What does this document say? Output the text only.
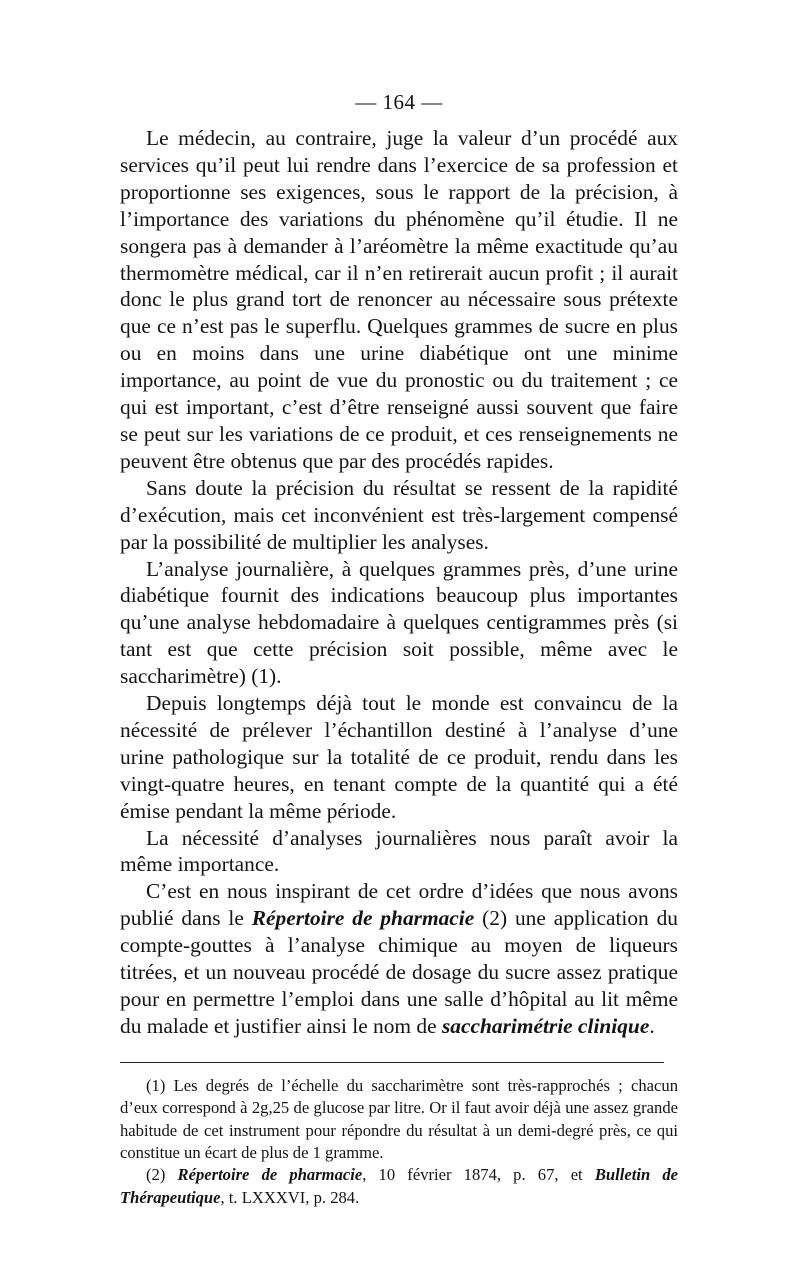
— 164 —

Le médecin, au contraire, juge la valeur d’un procédé aux services qu’il peut lui rendre dans l’exercice de sa profession et proportionne ses exigences, sous le rapport de la précision, à l’importance des variations du phénomène qu’il étudie. Il ne songera pas à demander à l’aréomètre la même exactitude qu’au thermomètre médical, car il n’en retirerait aucun profit ; il aurait donc le plus grand tort de renoncer au nécessaire sous prétexte que ce n’est pas le superflu. Quelques grammes de sucre en plus ou en moins dans une urine diabétique ont une minime importance, au point de vue du pronostic ou du traitement ; ce qui est important, c’est d’être renseigné aussi souvent que faire se peut sur les variations de ce produit, et ces renseignements ne peuvent être obtenus que par des procédés rapides.

Sans doute la précision du résultat se ressent de la rapidité d’exécution, mais cet inconvénient est très-largement compensé par la possibilité de multiplier les analyses.

L’analyse journalière, à quelques grammes près, d’une urine diabétique fournit des indications beaucoup plus importantes qu’une analyse hebdomadaire à quelques centigrammes près (si tant est que cette précision soit possible, même avec le saccharimètre) (1).

Depuis longtemps déjà tout le monde est convaincu de la nécessité de prélever l’échantillon destiné à l’analyse d’une urine pathologique sur la totalité de ce produit, rendu dans les vingt-quatre heures, en tenant compte de la quantité qui a été émise pendant la même période.

La nécessité d’analyses journalières nous paraît avoir la même importance.

C’est en nous inspirant de cet ordre d’idées que nous avons publié dans le Répertoire de pharmacie (2) une application du compte-gouttes à l’analyse chimique au moyen de liqueurs titrées, et un nouveau procédé de dosage du sucre assez pratique pour en permettre l’emploi dans une salle d’hôpital au lit même du malade et justifier ainsi le nom de saccharimétrie clinique.

(1) Les degrés de l’échelle du saccharimètre sont très-rapprochés ; chacun d’eux correspond à 2g,25 de glucose par litre. Or il faut avoir déjà une assez grande habitude de cet instrument pour répondre du résultat à un demi-degré près, ce qui constitue un écart de plus de 1 gramme.

(2) Répertoire de pharmacie, 10 février 1874, p. 67, et Bulletin de Thérapeutique, t. LXXXVI, p. 284.
